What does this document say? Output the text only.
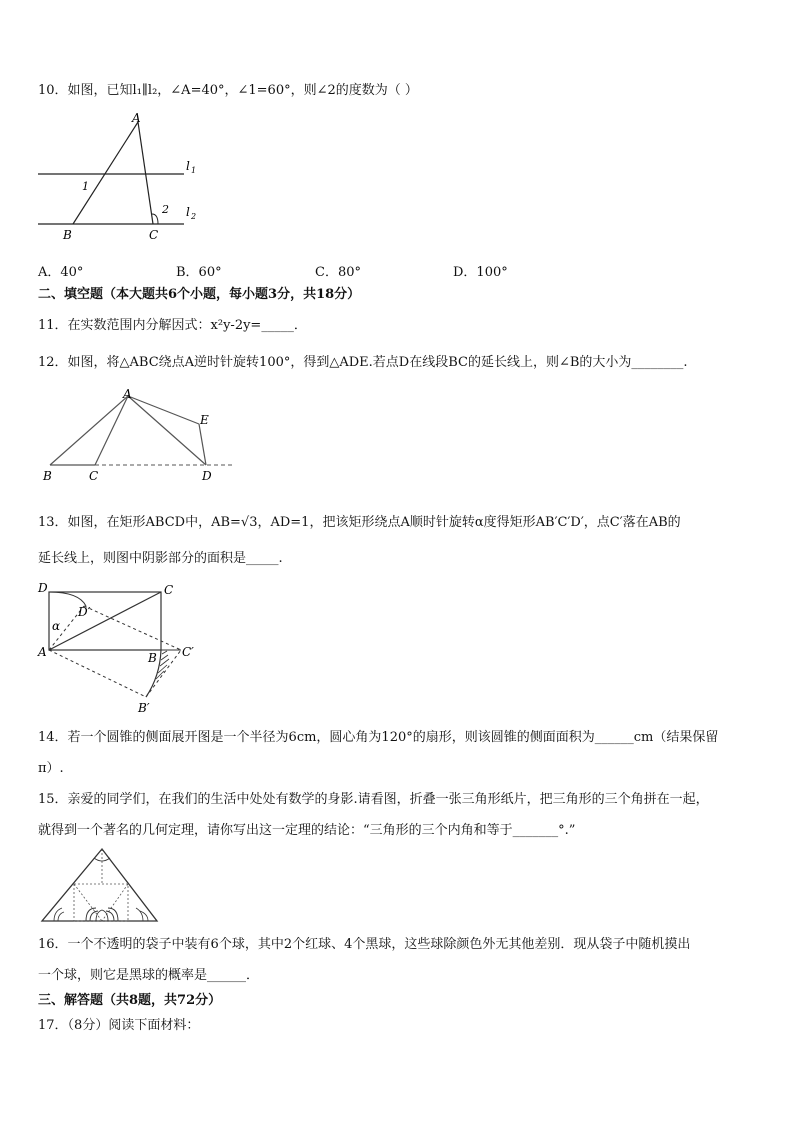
10．如图，已知l₁∥l₂，∠A=40°，∠1=60°，则∠2的度数为（ ）
A
B	C
1
2
l 1
l 2
A．40°	B．60°	C．80°	D．100°
二、填空题（本大题共6个小题，每小题3分，共18分）
11．在实数范围内分解因式：x²y-2y=_____．
12．如图，将△ABC绕点A逆时针旋转100°，得到△ADE.若点D在线段BC的延长线上，则∠B的大小为________.
A
B	C	D
E
13．如图，在矩形ABCD中，AB=√3，AD=1，把该矩形绕点A顺时针旋转α度得矩形AB′C′D′，点C′落在AB的
延长线上，则图中阴影部分的面积是_____.
D	C
A	B
D′
C′
B′
α
14．若一个圆锥的侧面展开图是一个半径为6cm，圆心角为120°的扇形，则该圆锥的侧面面积为______cm（结果保留
π）.
15．亲爱的同学们，在我们的生活中处处有数学的身影.请看图，折叠一张三角形纸片，把三角形的三个角拼在一起，
就得到一个著名的几何定理，请你写出这一定理的结论：“三角形的三个内角和等于_______°.”
16．一个不透明的袋子中装有6个球，其中2个红球、4个黑球，这些球除颜色外无其他差别．现从袋子中随机摸出
一个球，则它是黑球的概率是______．
三、解答题（共8题，共72分）
17．（8分）阅读下面材料：
